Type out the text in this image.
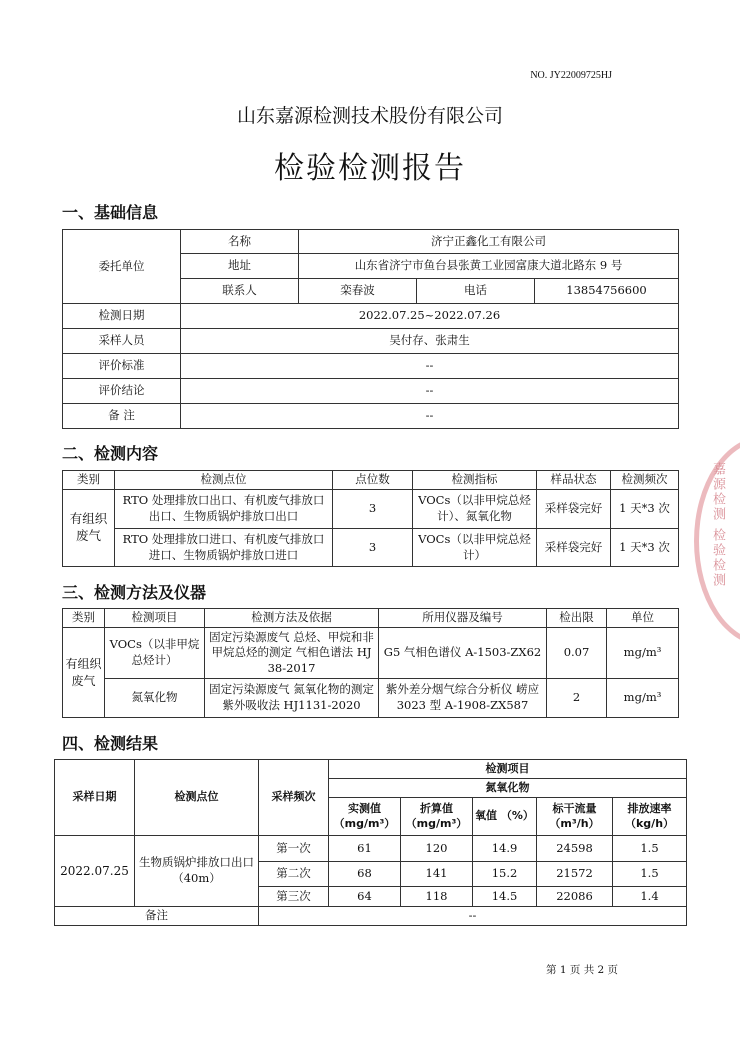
NO. JY22009725HJ
山东嘉源检测技术股份有限公司
检验检测报告
一、基础信息
委托单位	名称	济宁正鑫化工有限公司		
	地址	山东省济宁市鱼台县张黄工业园富康大道北路东 9 号		
	联系人	栾春波	电话	13854756600
检测日期	2022.07.25~2022.07.26			
采样人员	吴付存、张肃生			
评价标准	--			
评价结论	--			
备 注	--			
二、检测内容
类别	检测点位	点位数	检测指标	样品状态	检测频次
有组织废气	RTO 处理排放口出口、有机废气排放口出口、生物质锅炉排放口出口	3	VOCs（以非甲烷总烃计）、氮氧化物	采样袋完好	1 天*3 次
	RTO 处理排放口进口、有机废气排放口进口、生物质锅炉排放口进口	3	VOCs（以非甲烷总烃计）	采样袋完好	1 天*3 次
三、检测方法及仪器
类别	检测项目	检测方法及依据	所用仪器及编号	检出限	单位
有组织废气	VOCs（以非甲烷总烃计）	固定污染源废气 总烃、甲烷和非甲烷总烃的测定 气相色谱法 HJ 38-2017	G5 气相色谱仪 A-1503-ZX62	0.07	mg/m³
	氮氧化物	固定污染源废气 氮氧化物的测定 紫外吸收法 HJ1131-2020	紫外差分烟气综合分析仪 崂应 3023 型 A-1908-ZX587	2	mg/m³
四、检测结果
采样日期	检测点位	采样频次	检测项目				
			氮氧化物				
			实测值 （mg/m³）	折算值 （mg/m³）	氧值 （%）	标干流量 （m³/h）	排放速率 （kg/h）
2022.07.25	生物质锅炉排放口出口（40m）	第一次	61	120	14.9	24598	1.5
		第二次	68	141	15.2	21572	1.5
		第三次	64	118	14.5	22086	1.4
备注		--					
嘉源检测 检验检测
第 1 页 共 2 页
